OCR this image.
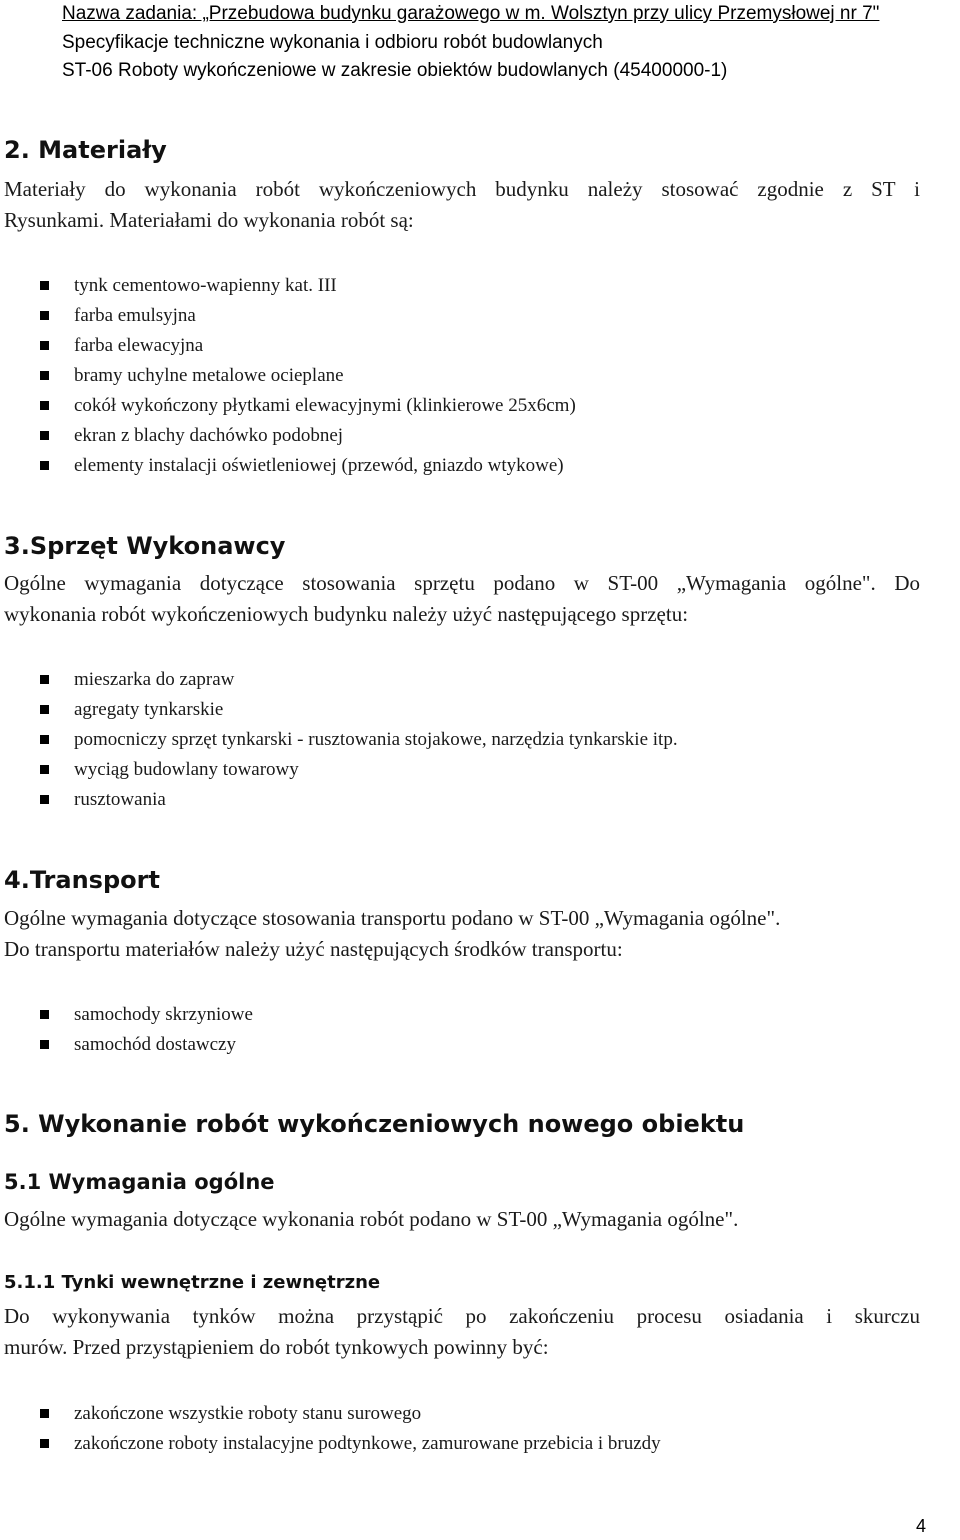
Nazwa zadania: „Przebudowa budynku garażowego w m. Wolsztyn przy ulicy Przemysłowej nr 7"
Specyfikacje techniczne wykonania i odbioru robót budowlanych
ST-06 Roboty wykończeniowe w zakresie obiektów budowlanych (45400000-1)
2. Materiały

Materiały do wykonania robót wykończeniowych budynku należy stosować zgodnie z ST i
Rysunkami. Materiałami do wykonania robót są:

tynk cementowo-wapienny kat. III
farba emulsyjna
farba elewacyjna
bramy uchylne metalowe ocieplane
cokół wykończony płytkami elewacyjnymi (klinkierowe 25x6cm)
ekran z blachy dachówko podobnej
elementy instalacji oświetleniowej (przewód, gniazdo wtykowe)
3.Sprzęt Wykonawcy

Ogólne wymagania dotyczące stosowania sprzętu podano w ST-00 „Wymagania ogólne". Do
wykonania robót wykończeniowych budynku należy użyć następującego sprzętu:

mieszarka do zapraw
agregaty tynkarskie
pomocniczy sprzęt tynkarski - rusztowania stojakowe, narzędzia tynkarskie itp.
wyciąg budowlany towarowy
rusztowania
4.Transport

Ogólne wymagania dotyczące stosowania transportu podano w ST-00 „Wymagania ogólne".
Do transportu materiałów należy użyć następujących środków transportu:

samochody skrzyniowe
samochód dostawczy
5. Wykonanie robót wykończeniowych nowego obiektu
5.1 Wymagania ogólne

Ogólne wymagania dotyczące wykonania robót podano w ST-00 „Wymagania ogólne".

5.1.1 Tynki wewnętrzne i zewnętrzne

Do wykonywania tynków można przystąpić po zakończeniu procesu osiadania i skurczu
murów. Przed przystąpieniem do robót tynkowych powinny być:

zakończone wszystkie roboty stanu surowego
zakończone roboty instalacyjne podtynkowe, zamurowane przebicia i bruzdy
4
